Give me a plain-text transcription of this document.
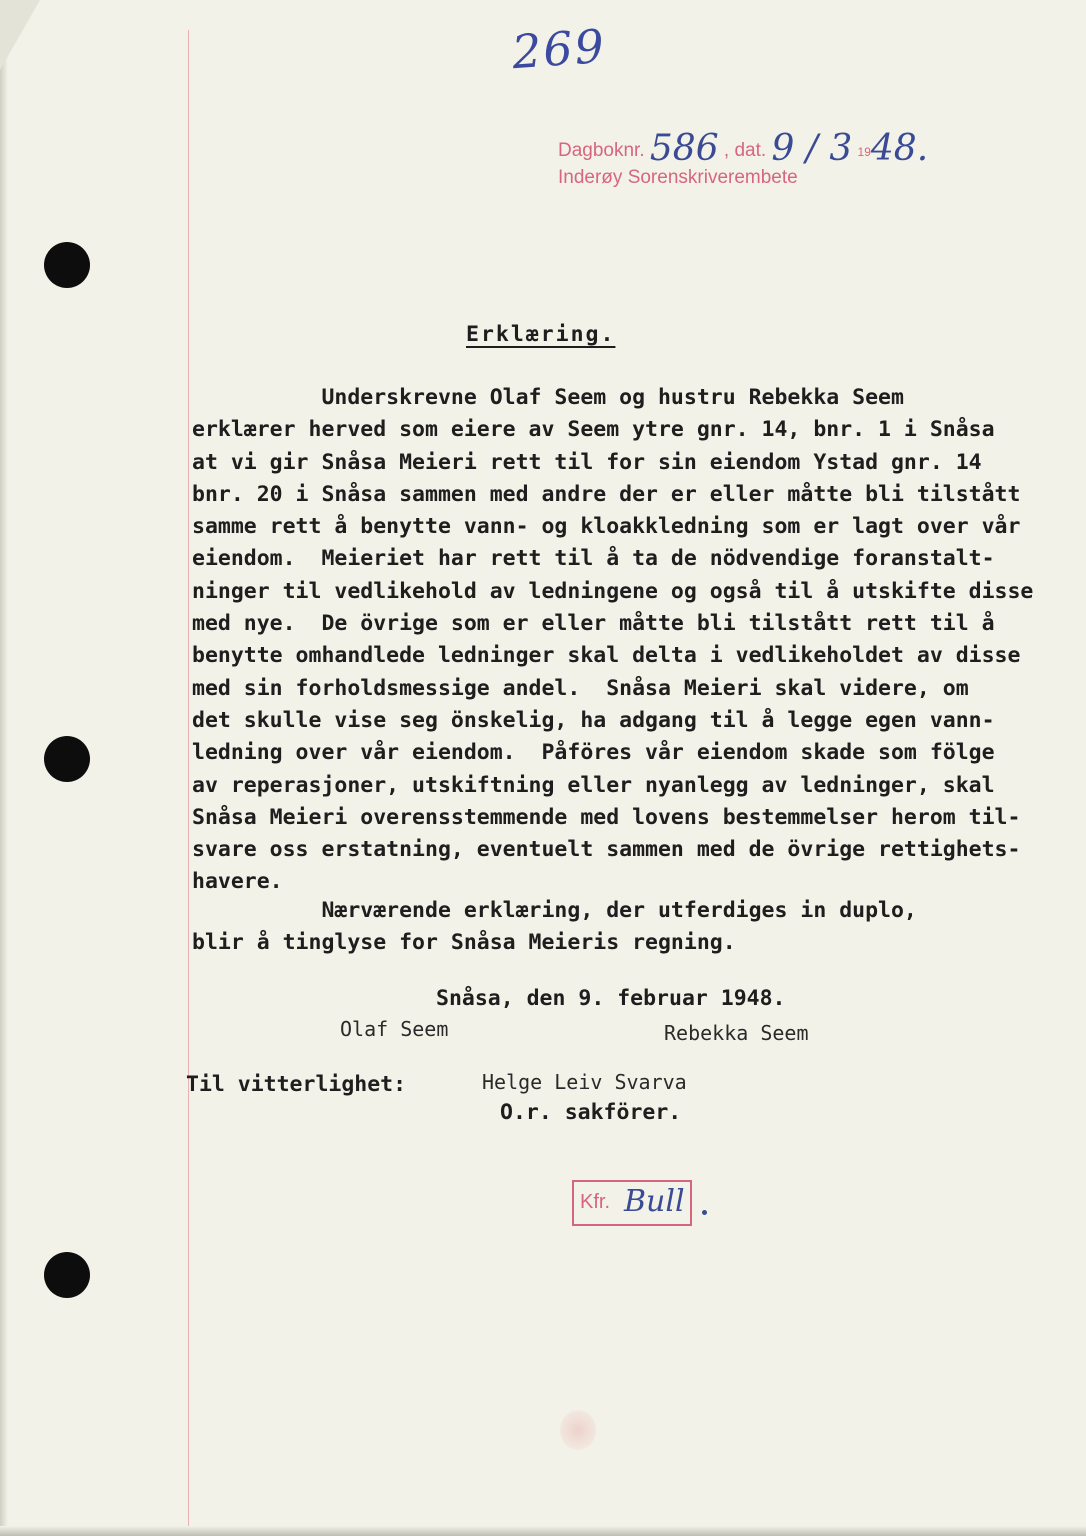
269
Dagboknr. 586 , dat. 9 / 3 1948.
Inderøy Sorenskriverembete
Erklæring.
Underskrevne Olaf Seem og hustru Rebekka Seem
erklærer herved som eiere av Seem ytre gnr. 14, bnr. 1 i Snåsa
at vi gir Snåsa Meieri rett til for sin eiendom Ystad gnr. 14
bnr. 20 i Snåsa sammen med andre der er eller måtte bli tilstått
samme rett å benytte vann- og kloakkledning som er lagt over vår
eiendom.  Meieriet har rett til å ta de nödvendige foranstalt-
ninger til vedlikehold av ledningene og også til å utskifte disse
med nye.  De övrige som er eller måtte bli tilstått rett til å
benytte omhandlede ledninger skal delta i vedlikeholdet av disse
med sin forholdsmessige andel.  Snåsa Meieri skal videre, om
det skulle vise seg önskelig, ha adgang til å legge egen vann-
ledning over vår eiendom.  Påföres vår eiendom skade som fölge
av reperasjoner, utskiftning eller nyanlegg av ledninger, skal
Snåsa Meieri overensstemmende med lovens bestemmelser herom til-
svare oss erstatning, eventuelt sammen med de övrige rettighets-
havere.
Nærværende erklæring, der utferdiges in duplo,
blir å tinglyse for Snåsa Meieris regning.
Snåsa, den 9. februar 1948.
Olaf Seem	Rebekka Seem
Til vitterlighet:	Helge Leiv Svarva
O.r. sakförer.
Kfr. Bull
